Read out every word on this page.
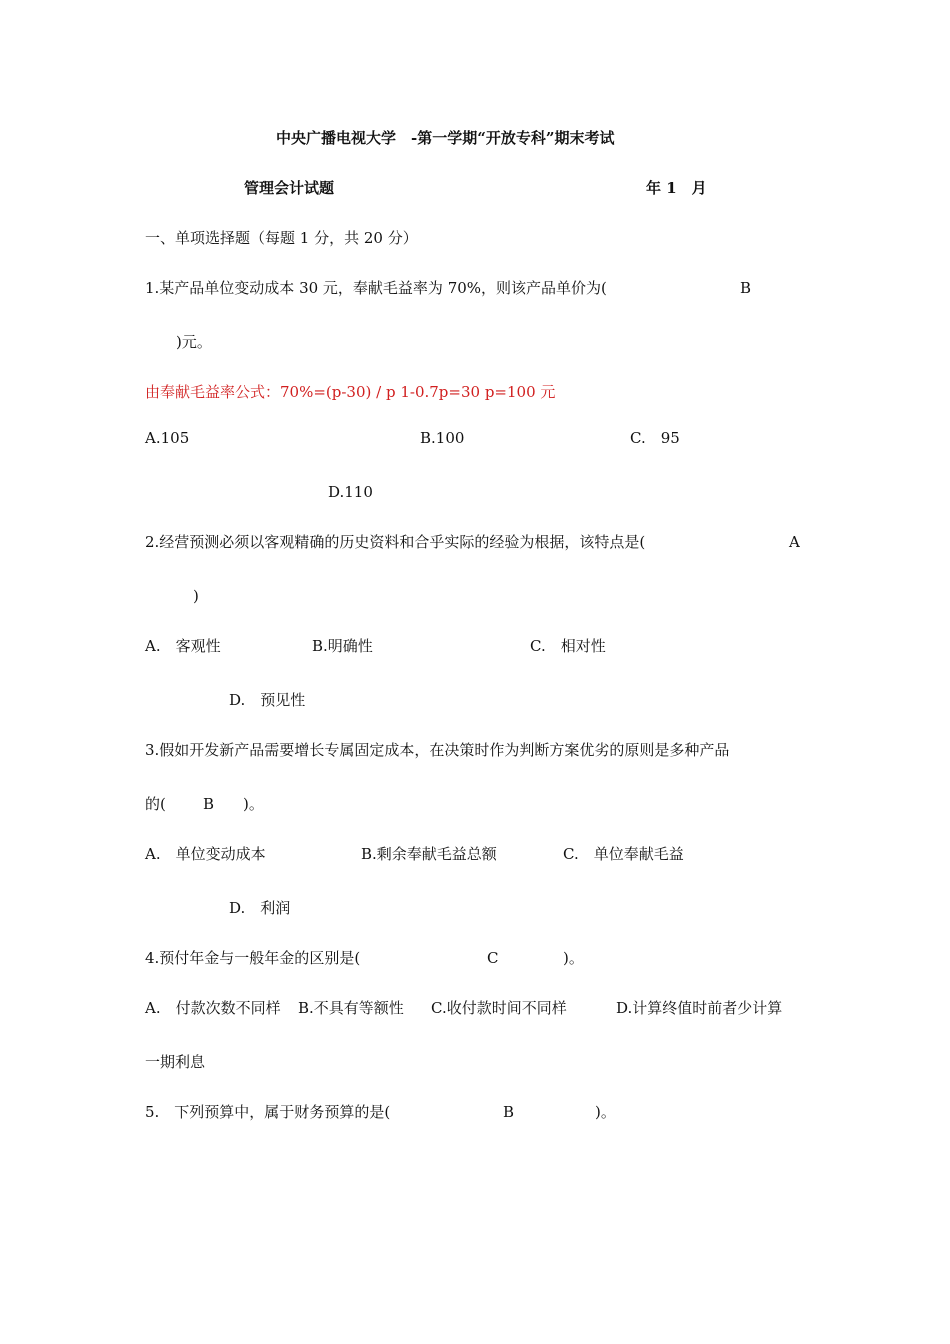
中央广播电视大学　-第一学期“开放专科”期末考试
管理会计试题	年 1　月
一、单项选择题（每题 1 分，共 20 分）
1.某产品单位变动成本 30 元，奉献毛益率为 70%，则该产品单价为(	B
)元。
由奉献毛益率公式：70%=(p-30) / p 1-0.7p=30 p=100 元
A.105	B.100	C.　95
D.110
2.经营预测必须以客观精确的历史资料和合乎实际的经验为根据，该特点是(	A
)
A.　客观性	B.明确性	C.　相对性
D.　预见性
3.假如开发新产品需要增长专属固定成本，在决策时作为判断方案优劣的原则是多种产品
的( B )。
A.　单位变动成本	B.剩余奉献毛益总额	C.　单位奉献毛益
D.　利润
4.预付年金与一般年金的区别是(	C	)。
A.　付款次数不同样 B.不具有等额性 C.收付款时间不同样	D.计算终值时前者少计算
一期利息
5.　下列预算中，属于财务预算的是(	B	)。
